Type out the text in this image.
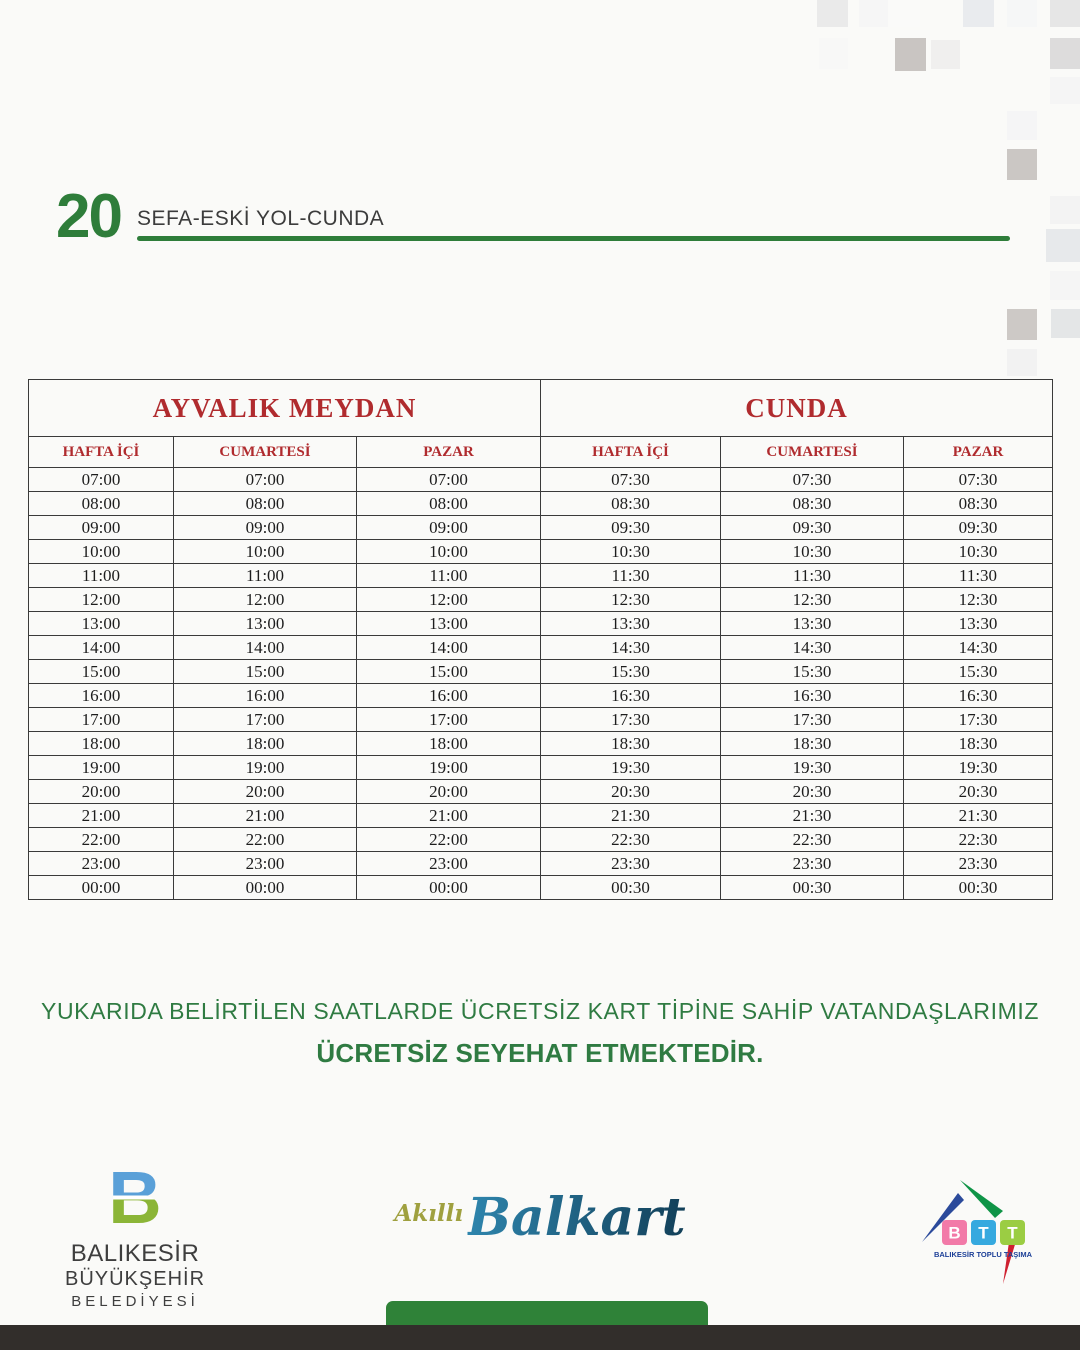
20 SEFA-ESKİ YOL-CUNDA
AYVALIK MEYDAN			CUNDA		
HAFTA İÇİ	CUMARTESİ	PAZAR	HAFTA İÇİ	CUMARTESİ	PAZAR
07:00	07:00	07:00	07:30	07:30	07:30
08:00	08:00	08:00	08:30	08:30	08:30
09:00	09:00	09:00	09:30	09:30	09:30
10:00	10:00	10:00	10:30	10:30	10:30
11:00	11:00	11:00	11:30	11:30	11:30
12:00	12:00	12:00	12:30	12:30	12:30
13:00	13:00	13:00	13:30	13:30	13:30
14:00	14:00	14:00	14:30	14:30	14:30
15:00	15:00	15:00	15:30	15:30	15:30
16:00	16:00	16:00	16:30	16:30	16:30
17:00	17:00	17:00	17:30	17:30	17:30
18:00	18:00	18:00	18:30	18:30	18:30
19:00	19:00	19:00	19:30	19:30	19:30
20:00	20:00	20:00	20:30	20:30	20:30
21:00	21:00	21:00	21:30	21:30	21:30
22:00	22:00	22:00	22:30	22:30	22:30
23:00	23:00	23:00	23:30	23:30	23:30
00:00	00:00	00:00	00:30	00:30	00:30
YUKARIDA BELİRTİLEN SAATLARDE ÜCRETSİZ KART TİPİNE SAHİP VATANDAŞLARIMIZ
ÜCRETSİZ SEYEHAT ETMEKTEDİR.
B
BALIKESİR
BÜYÜKŞEHİR
BELEDİYESİ
AkıllıBalkart	B T T
BALIKESİR TOPLU TAŞIMA
